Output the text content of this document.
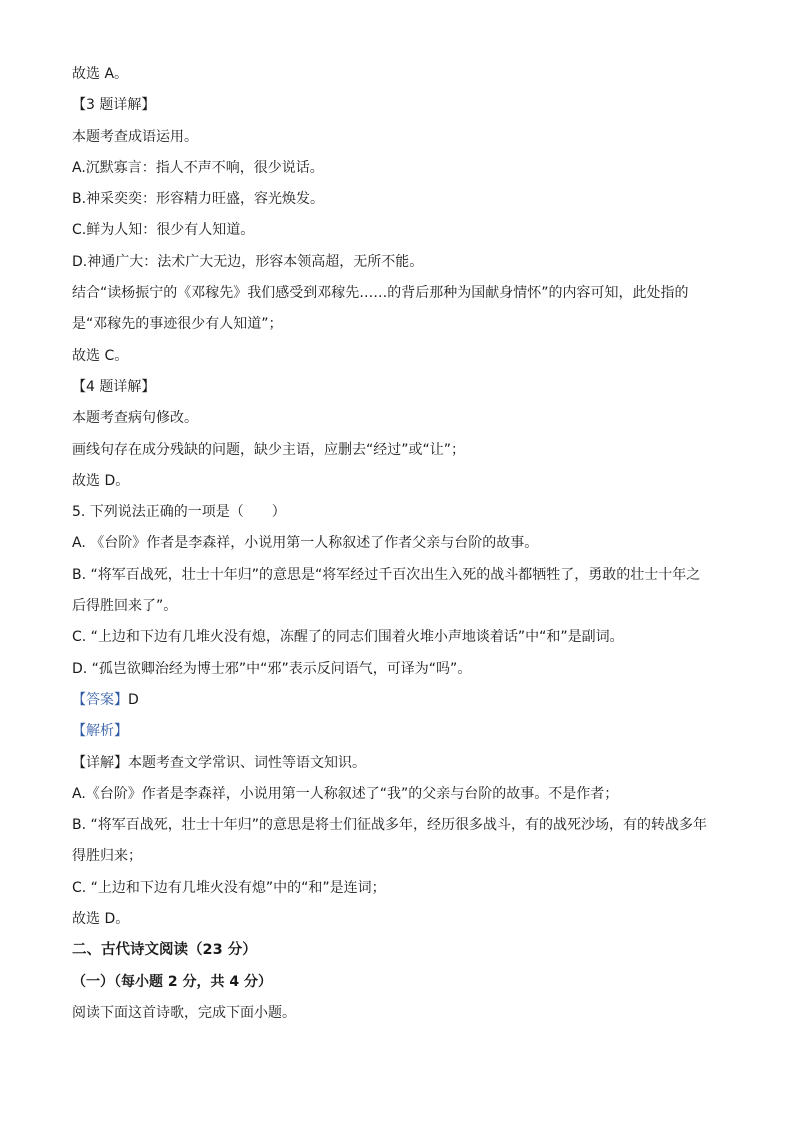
故选 A。
【3 题详解】
本题考查成语运用。
A.沉默寡言：指人不声不响，很少说话。
B.神采奕奕：形容精力旺盛，容光焕发。
C.鲜为人知：很少有人知道。
D.神通广大：法术广大无边，形容本领高超，无所不能。
结合“读杨振宁的《邓稼先》我们感受到邓稼先……的背后那种为国献身情怀”的内容可知，此处指的
是“邓稼先的事迹很少有人知道”；
故选 C。
【4 题详解】
本题考查病句修改。
画线句存在成分残缺的问题，缺少主语，应删去“经过”或“让”；
故选 D。
5. 下列说法正确的一项是（　　）
A. 《台阶》作者是李森祥，小说用第一人称叙述了作者父亲与台阶的故事。
B. “将军百战死，壮士十年归”的意思是“将军经过千百次出生入死的战斗都牺牲了，勇敢的壮士十年之
后得胜回来了”。
C. “上边和下边有几堆火没有熄，冻醒了的同志们围着火堆小声地谈着话”中“和”是副词。
D. “孤岂欲卿治经为博士邪”中“邪”表示反问语气，可译为“吗”。
【答案】D
【解析】
【详解】本题考查文学常识、词性等语文知识。
A.《台阶》作者是李森祥，小说用第一人称叙述了“我”的父亲与台阶的故事。不是作者；
B. “将军百战死，壮士十年归”的意思是将士们征战多年，经历很多战斗，有的战死沙场，有的转战多年
得胜归来；
C. “上边和下边有几堆火没有熄”中的“和”是连词；
故选 D。
二、古代诗文阅读（23 分）
（一）（每小题 2 分，共 4 分）
阅读下面这首诗歌，完成下面小题。
